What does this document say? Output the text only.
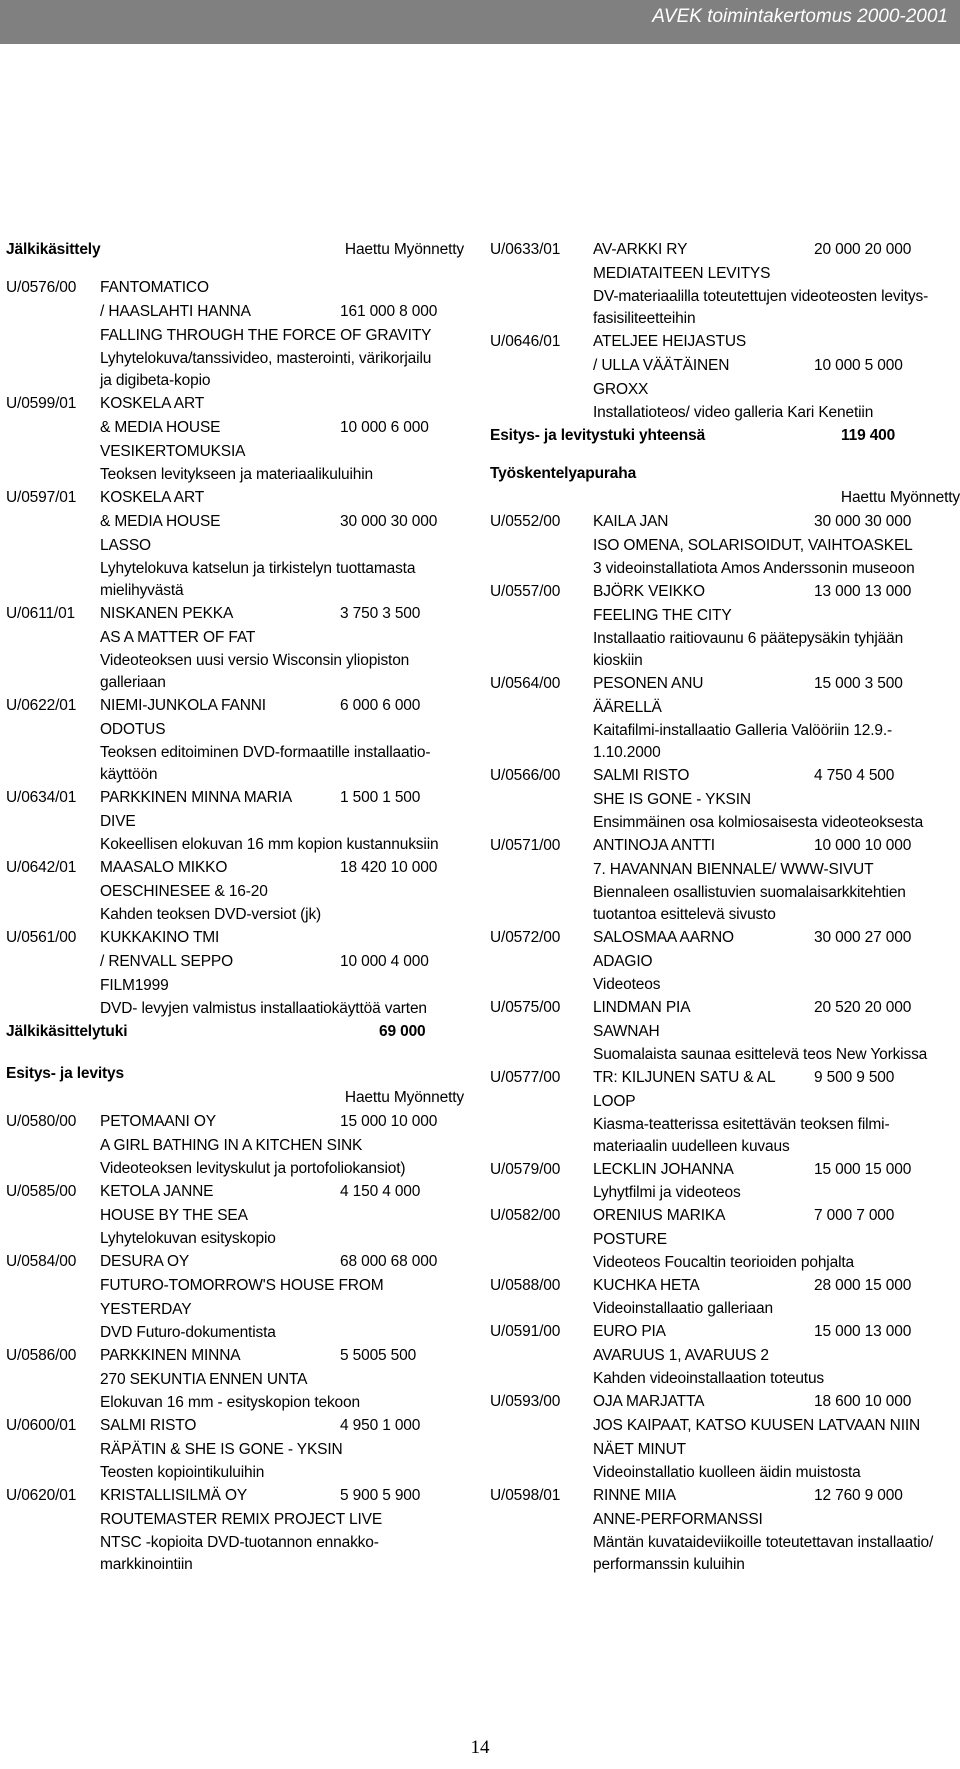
AVEK toimintakertomus 2000-2001
Jälkikäsittely	Haettu Myönnetty
U/0576/00 FANTOMATICO
/ HAASLAHTI HANNA	161 000 8 000
FALLING THROUGH THE FORCE OF GRAVITY
Lyhytelokuva/tanssivideo, masterointi, värikorjailu
ja digibeta-kopio
U/0599/01 KOSKELA ART
& MEDIA HOUSE	10 000 6 000
VESIKERTOMUKSIA
Teoksen levitykseen ja materiaalikuluihin
U/0597/01 KOSKELA ART
& MEDIA HOUSE	30 000 30 000
LASSO
Lyhytelokuva katselun ja tirkistelyn tuottamasta
mielihyvästä
U/0611/01 NISKANEN PEKKA	3 750 3 500
AS A MATTER OF FAT
Videoteoksen uusi versio Wisconsin yliopiston
galleriaan
U/0622/01 NIEMI-JUNKOLA FANNI	6 000 6 000
ODOTUS
Teoksen editoiminen DVD-formaatille installaatio-
käyttöön
U/0634/01 PARKKINEN MINNA MARIA	1 500 1 500
DIVE
Kokeellisen elokuvan 16 mm kopion kustannuksiin
U/0642/01 MAASALO MIKKO	18 420 10 000
OESCHINESEE & 16-20
Kahden teoksen DVD-versiot (jk)
U/0561/00 KUKKAKINO TMI
/ RENVALL SEPPO	10 000 4 000
FILM1999
DVD- levyjen valmistus installaatiokäyttöä varten
Jälkikäsittelytuki	69 000
Esitys- ja levitys
Haettu Myönnetty
U/0580/00 PETOMAANI OY	15 000 10 000
A GIRL BATHING IN A KITCHEN SINK
Videoteoksen levityskulut ja portofoliokansiot)
U/0585/00 KETOLA JANNE	4 150 4 000
HOUSE BY THE SEA
Lyhytelokuvan esityskopio
U/0584/00 DESURA OY	68 000 68 000
FUTURO-TOMORROW'S HOUSE FROM
YESTERDAY
DVD Futuro-dokumentista
U/0586/00 PARKKINEN MINNA	5 5005 500
270 SEKUNTIA ENNEN UNTA
Elokuvan 16 mm - esityskopion tekoon
U/0600/01 SALMI RISTO	4 950 1 000
RÄPÄTIN & SHE IS GONE - YKSIN
Teosten kopiointikuluihin
U/0620/01 KRISTALLISILMÄ OY	5 900 5 900
ROUTEMASTER REMIX PROJECT LIVE
NTSC -kopioita DVD-tuotannon ennakko-
markkinointiin
U/0633/01 AV-ARKKI RY	20 000 20 000
MEDIATAITEEN LEVITYS
DV-materiaalilla toteutettujen videoteosten levitys-
fasisiliteetteihin
U/0646/01 ATELJEE HEIJASTUS
/ ULLA VÄÄTÄINEN	10 000 5 000
GROXX
Installatioteos/ video galleria Kari Kenetiin
Esitys- ja levitystuki yhteensä	119 400
Työskentelyapuraha
Haettu Myönnetty
U/0552/00 KAILA JAN	30 000 30 000
ISO OMENA, SOLARISOIDUT, VAIHTOASKEL
3 videoinstallatiota Amos Anderssonin museoon
U/0557/00 BJÖRK VEIKKO	13 000 13 000
FEELING THE CITY
Installaatio raitiovaunu 6 päätepysäkin tyhjään
kioskiin
U/0564/00 PESONEN ANU	15 000 3 500
ÄÄRELLÄ
Kaitafilmi-installaatio Galleria Valööriin 12.9.-
1.10.2000
U/0566/00 SALMI RISTO	4 750 4 500
SHE IS GONE - YKSIN
Ensimmäinen osa kolmiosaisesta videoteoksesta
U/0571/00 ANTINOJA ANTTI	10 000 10 000
7. HAVANNAN BIENNALE/ WWW-SIVUT
Biennaleen osallistuvien suomalaisarkkitehtien
tuotantoa esittelevä sivusto
U/0572/00 SALOSMAA AARNO	30 000 27 000
ADAGIO
Videoteos
U/0575/00 LINDMAN PIA	20 520 20 000
SAWNAH
Suomalaista saunaa esittelevä teos New Yorkissa
U/0577/00 TR: KILJUNEN SATU & AL 9 500 9 500
LOOP
Kiasma-teatterissa esitettävän teoksen filmi-
materiaalin uudelleen kuvaus
U/0579/00 LECKLIN JOHANNA	15 000 15 000
Lyhytfilmi ja videoteos
U/0582/00 ORENIUS MARIKA	7 000 7 000
POSTURE
Videoteos Foucaltin teorioiden pohjalta
U/0588/00 KUCHKA HETA	28 000 15 000
Videoinstallaatio galleriaan
U/0591/00 EURO PIA	15 000 13 000
AVARUUS 1, AVARUUS 2
Kahden videoinstallaation toteutus
U/0593/00 OJA MARJATTA	18 600 10 000
JOS KAIPAAT, KATSO KUUSEN LATVAAN NIIN
NÄET MINUT
Videoinstallatio kuolleen äidin muistosta
U/0598/01 RINNE MIIA	12 760 9 000
ANNE-PERFORMANSSI
Mäntän kuvataideviikoille toteutettavan installaatio/
performanssin kuluihin
14
